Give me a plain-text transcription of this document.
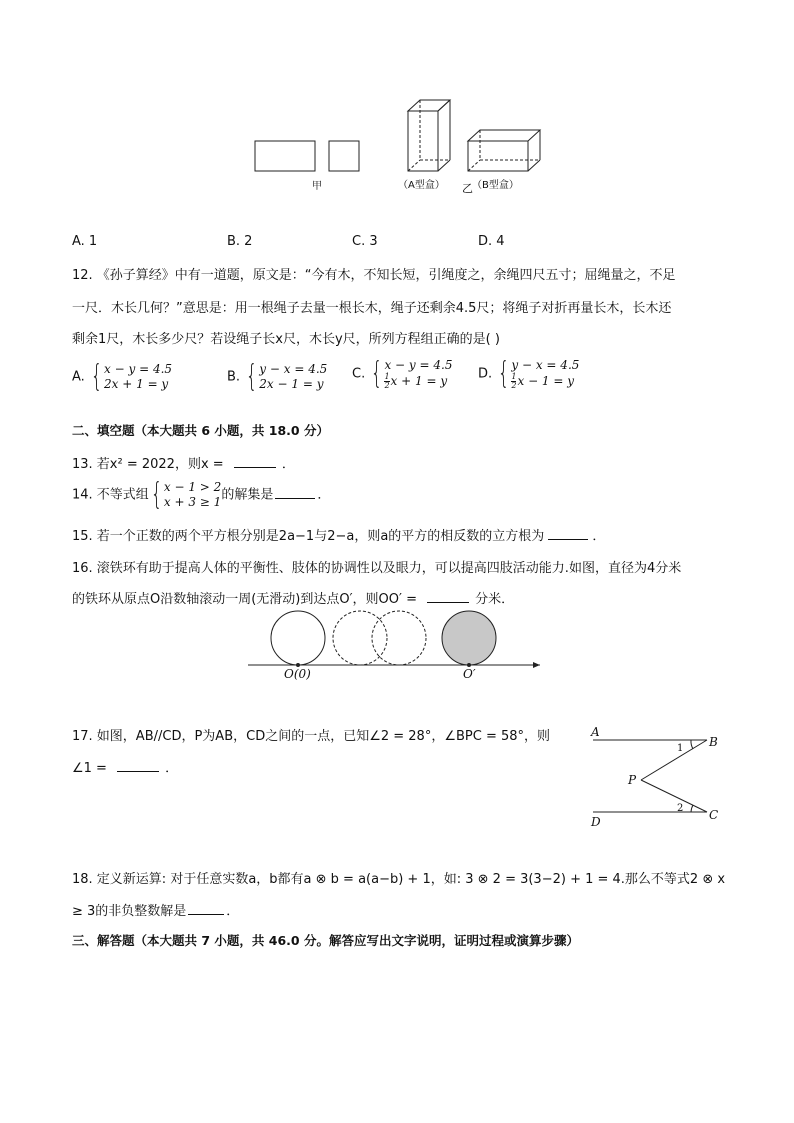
甲	（A型盒） 乙 （B型盒）
A. 1	B. 2	C. 3	D. 4
12. 《孙子算经》中有一道题，原文是：“今有木，不知长短，引绳度之，余绳四尺五寸；屈绳量之，不足
一尺．木长几何？”意思是：用一根绳子去量一根长木，绳子还剩余4.5尺；将绳子对折再量长木，长木还
剩余1尺，木长多少尺？若设绳子长x尺，木长y尺，所列方程组正确的是( )
A. { x − y = 4.5
2x + 1 = y	B. { y − x = 4.5
2x − 1 = y
C. { x − y = 4.5
$\frac{1}{2}$ x + 1 = y	D. { y − x = 4.5
$\frac{1}{2}$ x − 1 = y
二、填空题（本大题共 6 小题，共 18.0 分）
13. 若x² = 2022，则x =	．
14. 不等式组 { x − 1 > 2
x + 3 ≥ 1 的解集是	．
15. 若一个正数的两个平方根分别是2a−1与2−a，则a的平方的相反数的立方根为	．
16. 滚铁环有助于提高人体的平衡性、肢体的协调性以及眼力，可以提高四肢活动能力.如图，直径为4分米
的铁环从原点O沿数轴滚动一周(无滑动)到达点O′，则OO′ =	分米．
O(0)	O′
17. 如图，AB//CD，P为AB，CD之间的一点，已知∠2 = 28°，∠BPC = 58°，则
∠1 =	．
A
B
P
C
D
1
2
18. 定义新运算: 对于任意实数a，b都有a ⊗ b = a(a−b) + 1，如: 3 ⊗ 2 = 3(3−2) + 1 = 4.那么不等式2 ⊗ x
≥ 3的非负整数解是	．
三、解答题（本大题共 7 小题，共 46.0 分。解答应写出文字说明，证明过程或演算步骤）
